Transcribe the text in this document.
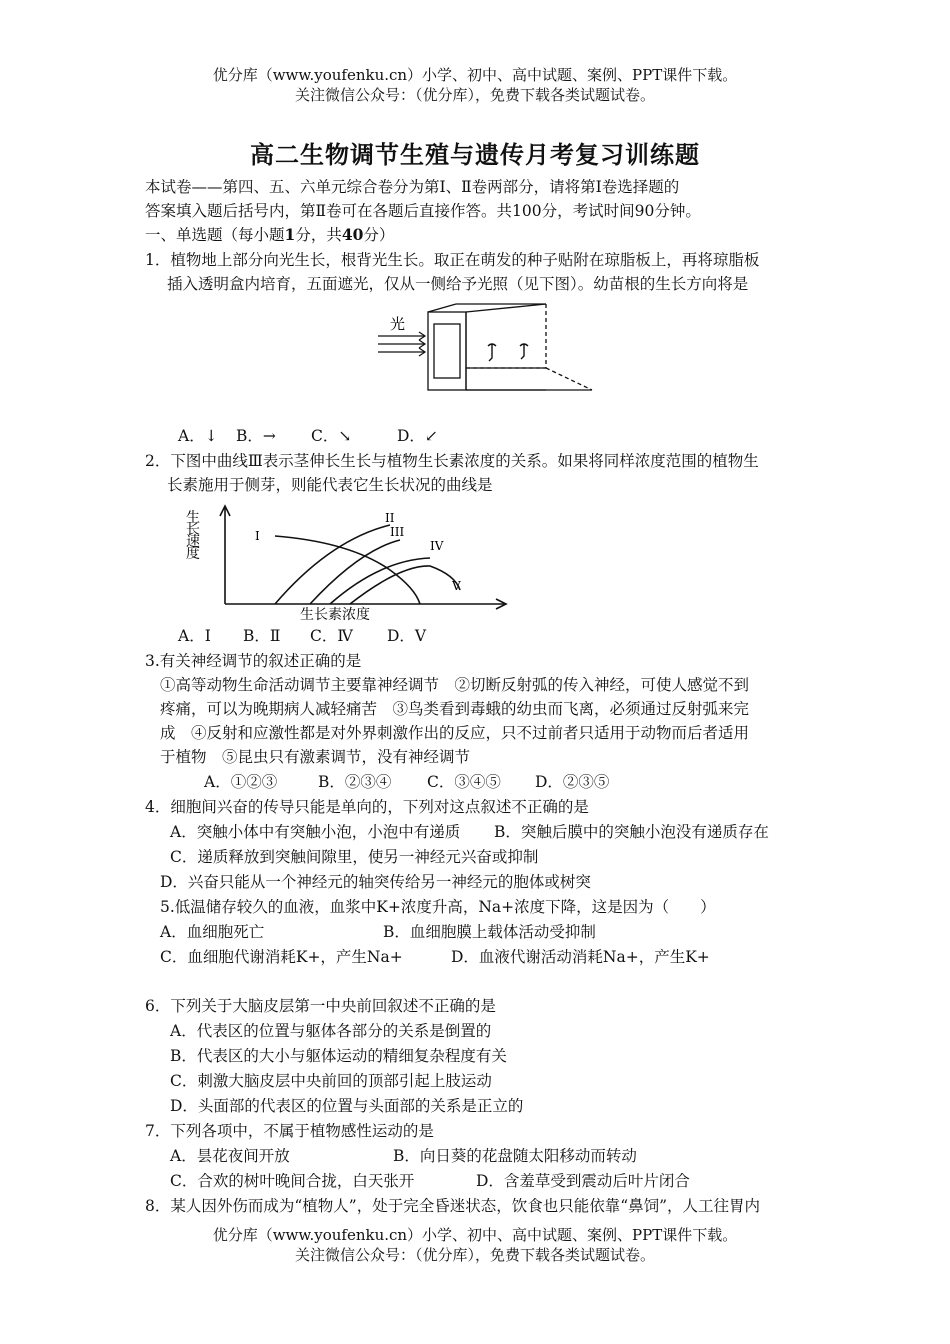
优分库（www.youfenku.cn）小学、初中、高中试题、案例、PPT课件下载。
关注微信公众号：（优分库），免费下载各类试题试卷。
高二生物调节生殖与遗传月考复习训练题
本试卷——第四、五、六单元综合卷分为第Ⅰ、Ⅱ卷两部分，请将第Ⅰ卷选择题的
答案填入题后括号内，第Ⅱ卷可在各题后直接作答。共100分，考试时间90分钟。
一、单选题（每小题1分，共40分）
1．植物地上部分向光生长，根背光生长。取正在萌发的种子贴附在琼脂板上，再将琼脂板
插入透明盒内培育，五面遮光，仅从一侧给予光照（见下图）。幼苗根的生长方向将是
光
A．↓ B．→ C．↘	D．↙
2．下图中曲线Ⅲ表示茎伸长生长与植物生长素浓度的关系。如果将同样浓度范围的植物生
长素施用于侧芽，则能代表它生长状况的曲线是
生
长
速
度
生长素浓度
I
II
III
IV
V
A．Ⅰ B．Ⅱ C．Ⅳ D．Ⅴ
3.有关神经调节的叙述正确的是
①高等动物生命活动调节主要靠神经调节　②切断反射弧的传入神经，可使人感觉不到
疼痛，可以为晚期病人减轻痛苦　③鸟类看到毒蛾的幼虫而飞离，必须通过反射弧来完
成　④反射和应激性都是对外界刺激作出的反应，只不过前者只适用于动物而后者适用
于植物　⑤昆虫只有激素调节，没有神经调节
A．①②③	B．②③④ C．③④⑤ D．②③⑤
4．细胞间兴奋的传导只能是单向的，下列对这点叙述不正确的是
A．突触小体中有突触小泡，小泡中有递质 B．突触后膜中的突触小泡没有递质存在
C．递质释放到突触间隙里，使另一神经元兴奋或抑制
D．兴奋只能从一个神经元的轴突传给另一神经元的胞体或树突
5.低温储存较久的血液，血浆中K+浓度升高，Na+浓度下降，这是因为（　　）
A．血细胞死亡	B．血细胞膜上载体活动受抑制
C．血细胞代谢消耗K+，产生Na+	D．血液代谢活动消耗Na+，产生K+
6．下列关于大脑皮层第一中央前回叙述不正确的是
A．代表区的位置与躯体各部分的关系是倒置的
B．代表区的大小与躯体运动的精细复杂程度有关
C．刺激大脑皮层中央前回的顶部引起上肢运动
D．头面部的代表区的位置与头面部的关系是正立的
7．下列各项中，不属于植物感性运动的是
A．昙花夜间开放	B．向日葵的花盘随太阳移动而转动
C．合欢的树叶晚间合拢，白天张开	D．含羞草受到震动后叶片闭合
8．某人因外伤而成为“植物人”，处于完全昏迷状态，饮食也只能依靠“鼻饲”，人工往胃内
优分库（www.youfenku.cn）小学、初中、高中试题、案例、PPT课件下载。
关注微信公众号：（优分库），免费下载各类试题试卷。
